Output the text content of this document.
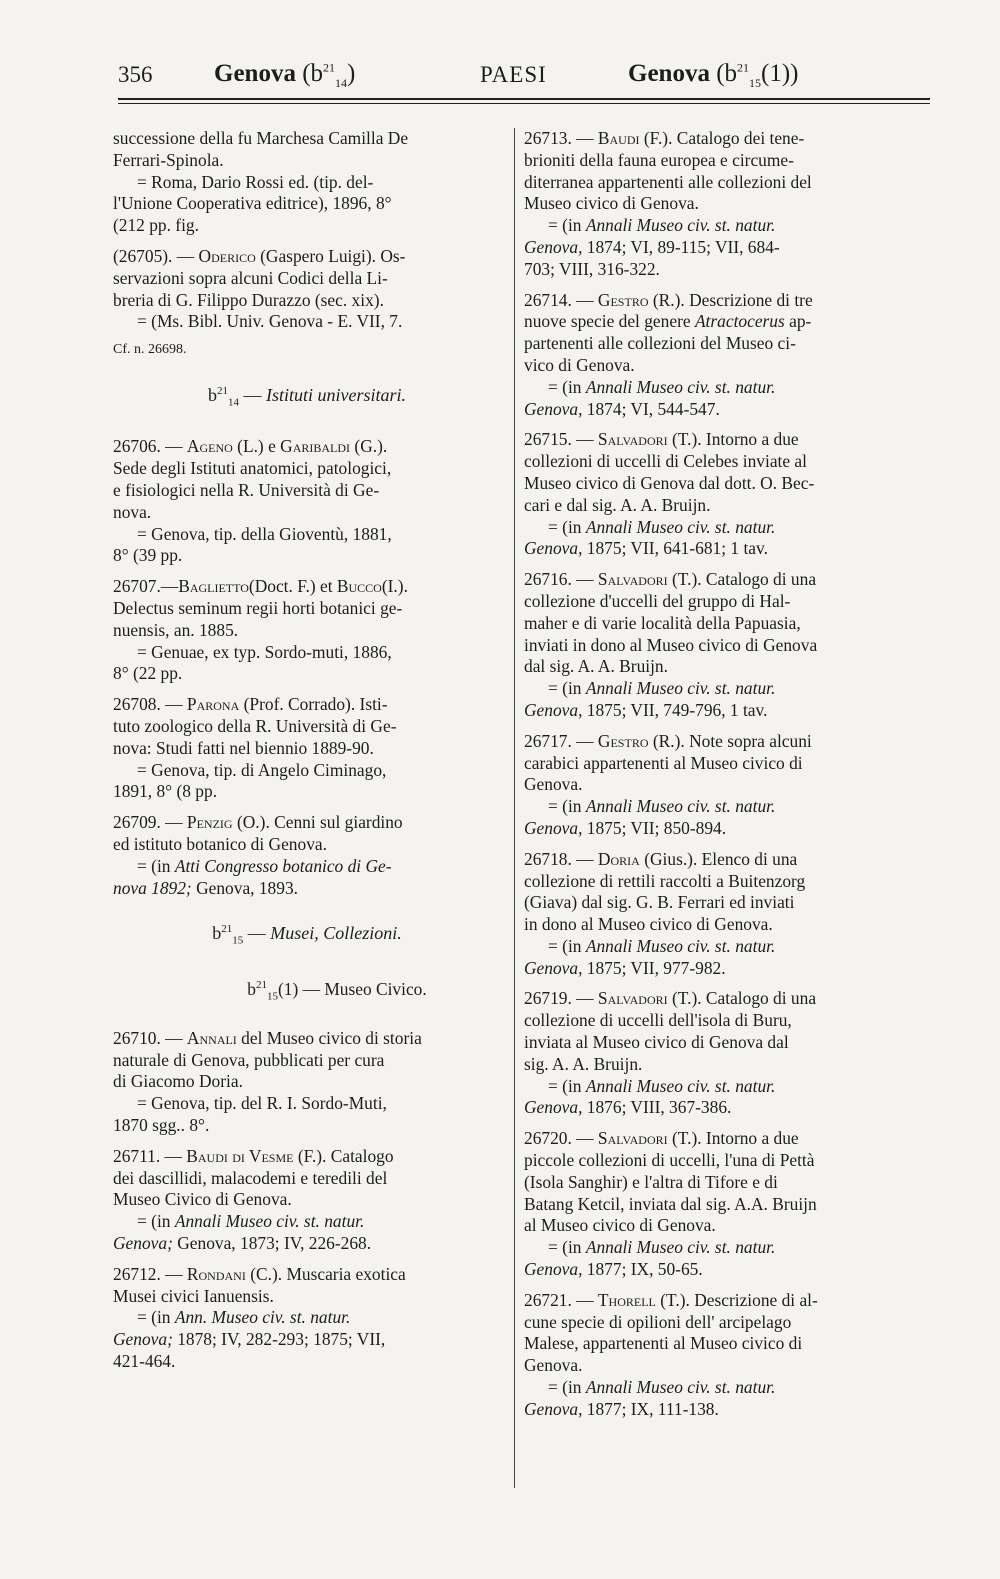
356 Genova $(b^{21}_{14})$	PAESI	Genova $(b^{21}_{15}(1))$
successione della fu Marchesa Camilla De
Ferrari-Spinola.
= Roma, Dario Rossi ed. (tip. del-
l'Unione Cooperativa editrice), 1896, 8°
(212 pp. fig.
(26705). — Oderico (Gaspero Luigi). Os-
servazioni sopra alcuni Codici della Li-
breria di G. Filippo Durazzo (sec. xix).
= (Ms. Bibl. Univ. Genova - E. VII, 7.
Cf. n. 26698.
$b^{21}_{14}$ — Istituti universitari.
26706. — Ageno (L.) e Garibaldi (G.).
Sede degli Istituti anatomici, patologici,
e fisiologici nella R. Università di Ge-
nova.
= Genova, tip. della Gioventù, 1881,
8° (39 pp.
26707.—Baglietto(Doct. F.) et Bucco(I.).
Delectus seminum regii horti botanici ge-
nuensis, an. 1885.
= Genuae, ex typ. Sordo-muti, 1886,
8° (22 pp.
26708. — Parona (Prof. Corrado). Isti-
tuto zoologico della R. Università di Ge-
nova: Studi fatti nel biennio 1889-90.
= Genova, tip. di Angelo Ciminago,
1891, 8° (8 pp.
26709. — Penzig (O.). Cenni sul giardino
ed istituto botanico di Genova.
= (in Atti Congresso botanico di Ge-
nova 1892; Genova, 1893.
$b^{21}_{15}$ — Musei, Collezioni.
$b^{21}_{15}(1)$ — Museo Civico.
26710. — Annali del Museo civico di storia
naturale di Genova, pubblicati per cura
di Giacomo Doria.
= Genova, tip. del R. I. Sordo-Muti,
1870 sgg.. 8°.
26711. — Baudi di Vesme (F.). Catalogo
dei dascillidi, malacodemi e teredili del
Museo Civico di Genova.
= (in Annali Museo civ. st. natur.
Genova; Genova, 1873; IV, 226-268.
26712. — Rondani (C.). Muscaria exotica
Musei civici Ianuensis.
= (in Ann. Museo civ. st. natur.
Genova; 1878; IV, 282-293; 1875; VII,
421-464.
26713. — Baudi (F.). Catalogo dei tene-
brioniti della fauna europea e circume-
diterranea appartenenti alle collezioni del
Museo civico di Genova.
= (in Annali Museo civ. st. natur.
Genova, 1874; VI, 89-115; VII, 684-
703; VIII, 316-322.
26714. — Gestro (R.). Descrizione di tre
nuove specie del genere Atractocerus ap-
partenenti alle collezioni del Museo ci-
vico di Genova.
= (in Annali Museo civ. st. natur.
Genova, 1874; VI, 544-547.
26715. — Salvadori (T.). Intorno a due
collezioni di uccelli di Celebes inviate al
Museo civico di Genova dal dott. O. Bec-
cari e dal sig. A. A. Bruijn.
= (in Annali Museo civ. st. natur.
Genova, 1875; VII, 641-681; 1 tav.
26716. — Salvadori (T.). Catalogo di una
collezione d'uccelli del gruppo di Hal-
maher e di varie località della Papuasia,
inviati in dono al Museo civico di Genova
dal sig. A. A. Bruijn.
= (in Annali Museo civ. st. natur.
Genova, 1875; VII, 749-796, 1 tav.
26717. — Gestro (R.). Note sopra alcuni
carabici appartenenti al Museo civico di
Genova.
= (in Annali Museo civ. st. natur.
Genova, 1875; VII; 850-894.
26718. — Doria (Gius.). Elenco di una
collezione di rettili raccolti a Buitenzorg
(Giava) dal sig. G. B. Ferrari ed inviati
in dono al Museo civico di Genova.
= (in Annali Museo civ. st. natur.
Genova, 1875; VII, 977-982.
26719. — Salvadori (T.). Catalogo di una
collezione di uccelli dell'isola di Buru,
inviata al Museo civico di Genova dal
sig. A. A. Bruijn.
= (in Annali Museo civ. st. natur.
Genova, 1876; VIII, 367-386.
26720. — Salvadori (T.). Intorno a due
piccole collezioni di uccelli, l'una di Pettà
(Isola Sanghir) e l'altra di Tifore e di
Batang Ketcil, inviata dal sig. A.A. Bruijn
al Museo civico di Genova.
= (in Annali Museo civ. st. natur.
Genova, 1877; IX, 50-65.
26721. — Thorell (T.). Descrizione di al-
cune specie di opilioni dell' arcipelago
Malese, appartenenti al Museo civico di
Genova.
= (in Annali Museo civ. st. natur.
Genova, 1877; IX, 111-138.
